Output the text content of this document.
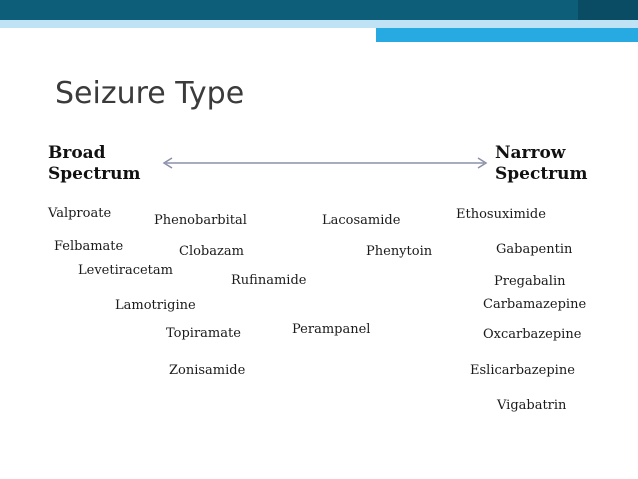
Seizure Type
Broad
Spectrum
Narrow
Spectrum
Valproate	Phenobarbital	Lacosamide	Ethosuximide
Felbamate	Clobazam	Phenytoin	Gabapentin
Levetiracetam
Rufinamide	Pregabalin
Lamotrigine	Carbamazepine
Topiramate	Perampanel	Oxcarbazepine
Zonisamide	Eslicarbazepine
Vigabatrin
